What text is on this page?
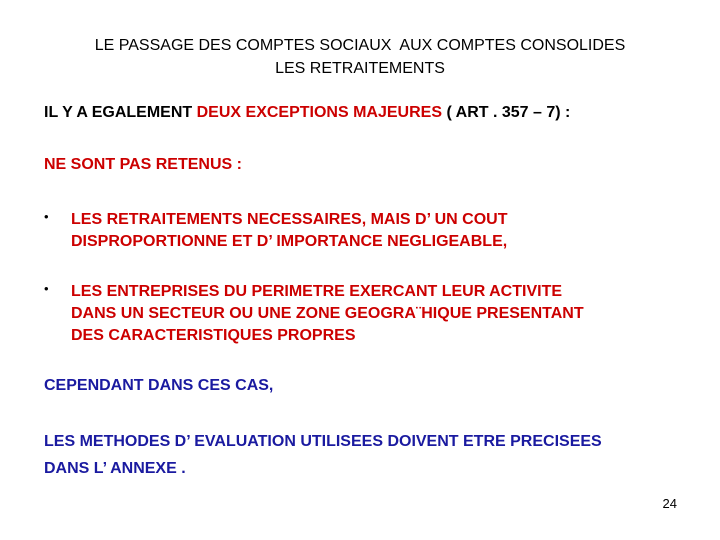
LE PASSAGE DES COMPTES SOCIAUX  AUX COMPTES CONSOLIDES
LES RETRAITEMENTS
IL Y A EGALEMENT DEUX EXCEPTIONS MAJEURES ( ART . 357 – 7) :
NE SONT PAS RETENUS :
• LES RETRAITEMENTS NECESSAIRES, MAIS D’ UN COUT
DISPROPORTIONNE ET D’ IMPORTANCE NEGLIGEABLE,
• LES ENTREPRISES DU PERIMETRE EXERCANT LEUR ACTIVITE
DANS UN SECTEUR OU UNE ZONE GEOGRA¨HIQUE PRESENTANT
DES CARACTERISTIQUES PROPRES
CEPENDANT DANS CES CAS,
LES METHODES D’ EVALUATION UTILISEES DOIVENT ETRE PRECISEES
DANS L’ ANNEXE .
24
